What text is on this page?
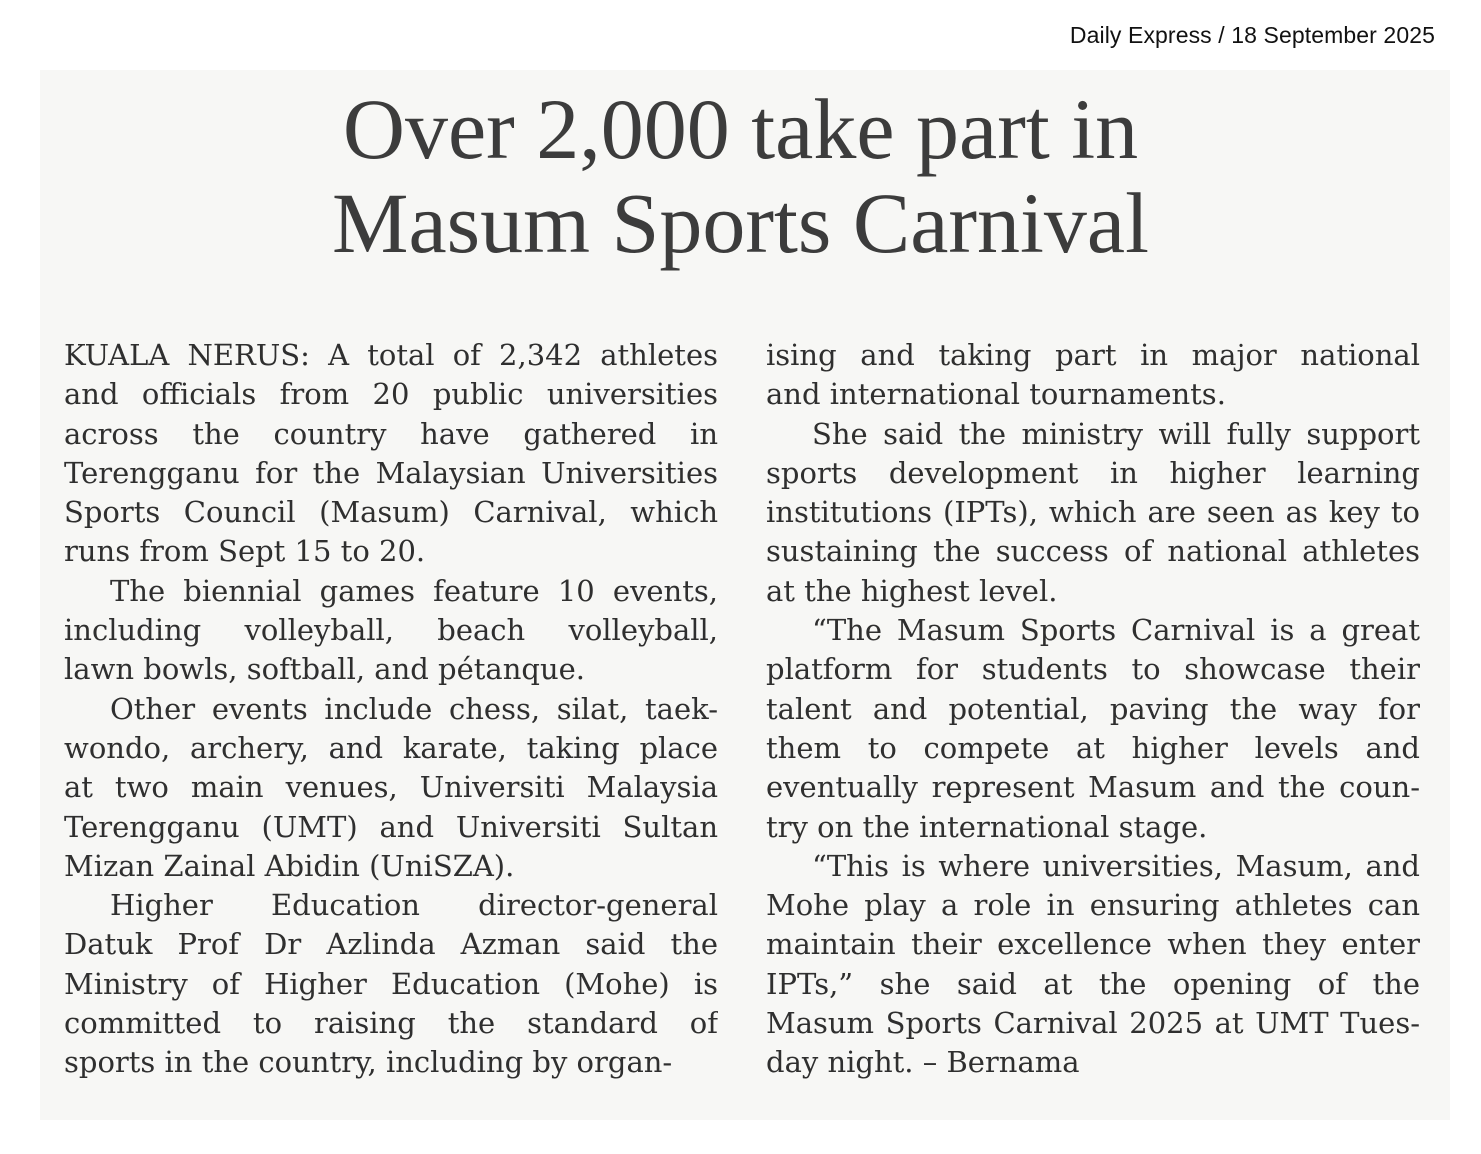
Daily Express / 18 September 2025
Over 2,000 take part in
Masum Sports Carnival

KUALA NERUS: A total of 2,342 athletes
and officials from 20 public universities
across the country have gathered in
Terengganu for the Malaysian Universities
Sports Council (Masum) Carnival, which
runs from Sept 15 to 20.

The biennial games feature 10 events,
including volleyball, beach volleyball,
lawn bowls, softball, and pétanque.

Other events include chess, silat, taek-
wondo, archery, and karate, taking place
at two main venues, Universiti Malaysia
Terengganu (UMT) and Universiti Sultan
Mizan Zainal Abidin (UniSZA).

Higher Education director-general
Datuk Prof Dr Azlinda Azman said the
Ministry of Higher Education (Mohe) is
committed to raising the standard of
sports in the country, including by organ-

ising and taking part in major national
and international tournaments.

She said the ministry will fully support
sports development in higher learning
institutions (IPTs), which are seen as key to
sustaining the success of national athletes
at the highest level.

“The Masum Sports Carnival is a great
platform for students to showcase their
talent and potential, paving the way for
them to compete at higher levels and
eventually represent Masum and the coun-
try on the international stage.

“This is where universities, Masum, and
Mohe play a role in ensuring athletes can
maintain their excellence when they enter
IPTs,” she said at the opening of the
Masum Sports Carnival 2025 at UMT Tues-
day night. – Bernama
